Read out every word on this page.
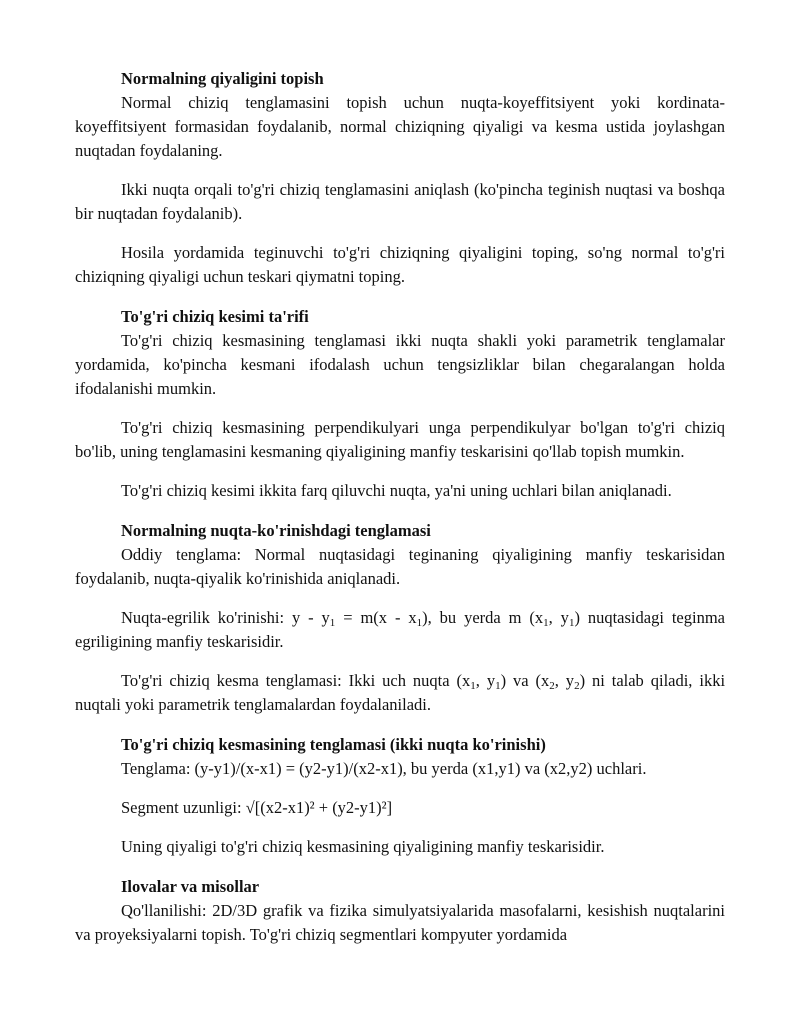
Normalning qiyaligini topish

Normal chiziq tenglamasini topish uchun nuqta-koyeffitsiyent yoki kordinata-koyeffitsiyent formasidan foydalanib, normal chiziqning qiyaligi va kesma ustida joylashgan nuqtadan foydalaning.

Ikki nuqta orqali to'g'ri chiziq tenglamasini aniqlash (ko'pincha teginish nuqtasi va boshqa bir nuqtadan foydalanib).

Hosila yordamida teginuvchi to'g'ri chiziqning qiyaligini toping, so'ng normal to'g'ri chiziqning qiyaligi uchun teskari qiymatni toping.

To'g'ri chiziq kesimi ta'rifi

To'g'ri chiziq kesmasining tenglamasi ikki nuqta shakli yoki parametrik tenglamalar yordamida, ko'pincha kesmani ifodalash uchun tengsizliklar bilan chegaralangan holda ifodalanishi mumkin.

To'g'ri chiziq kesmasining perpendikulyari unga perpendikulyar bo'lgan to'g'ri chiziq bo'lib, uning tenglamasini kesmaning qiyaligining manfiy teskarisini qo'llab topish mumkin.

To'g'ri chiziq kesimi ikkita farq qiluvchi nuqta, ya'ni uning uchlari bilan aniqlanadi.

Normalning nuqta-ko'rinishdagi tenglamasi

Oddiy tenglama: Normal nuqtasidagi teginaning qiyaligining manfiy teskarisidan foydalanib, nuqta-qiyalik ko'rinishida aniqlanadi.

Nuqta-egrilik ko'rinishi: $y - y_1 = m(x - x_1)$, bu yerda m ($x_1$, $y_1$) nuqtasidagi teginma egriligining manfiy teskarisidir.

To'g'ri chiziq kesma tenglamasi: Ikki uch nuqta ($x_1$, $y_1$) va ($x_2$, $y_2$) ni talab qiladi, ikki nuqtali yoki parametrik tenglamalardan foydalaniladi.

To'g'ri chiziq kesmasining tenglamasi (ikki nuqta ko'rinishi)

Tenglama: (y-y1)/(x-x1) = (y2-y1)/(x2-x1), bu yerda (x1,y1) va (x2,y2) uchlari.

Segment uzunligi: √[(x2-x1)² + (y2-y1)²]

Uning qiyaligi to'g'ri chiziq kesmasining qiyaligining manfiy teskarisidir.

Ilovalar va misollar

Qo'llanilishi: 2D/3D grafik va fizika simulyatsiyalarida masofalarni, kesishish nuqtalarini va proyeksiyalarni topish. To'g'ri chiziq segmentlari kompyuter yordamida
